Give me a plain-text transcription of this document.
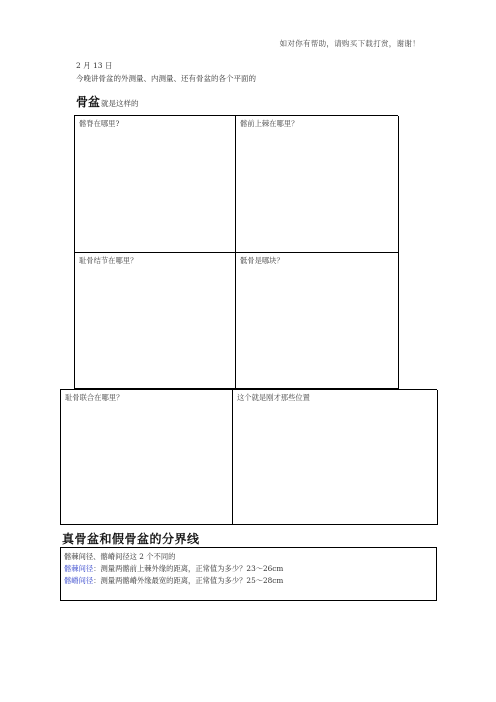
如对你有帮助，请购买下载打赏，谢谢！
2 月 13 日
今晚讲骨盆的外测量、内测量、还有骨盆的各个平面的
骨盆就是这样的
髂脊在哪里?	髂前上棘在哪里？
耻骨结节在哪里？	骶骨是哪块？
耻骨联合在哪里？	这个就是刚才那些位置
真骨盆和假骨盆的分界线
髂棘间径、髂嵴间径这 2 个不同的
髂棘间径：测量两髂前上棘外缘的距离，正常值为多少？23～26cm
髂嵴间径：测量两髂嵴外缘最宽的距离，正常值为多少？25～28cm
